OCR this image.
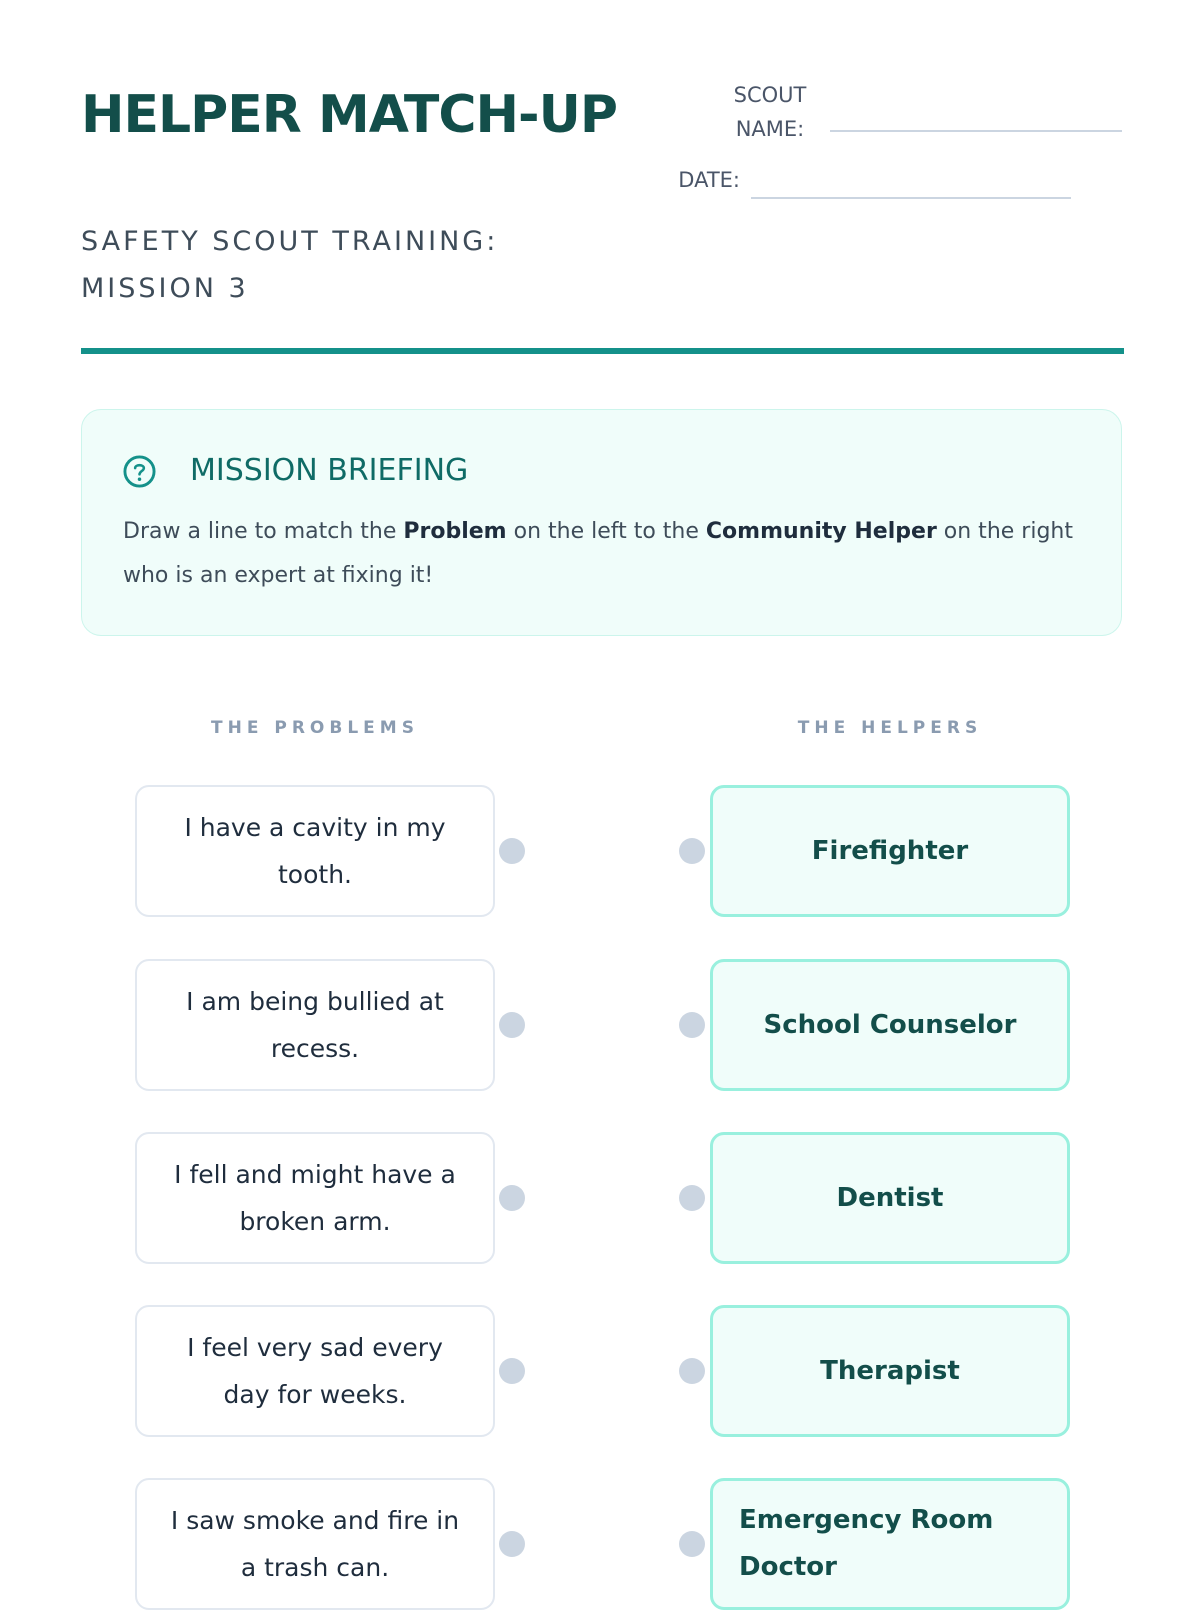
HELPER MATCH-UP
SAFETY SCOUT TRAINING: MISSION 3
SCOUT NAME:
DATE:
MISSION BRIEFING

Draw a line to match the Problem on the left to the Community Helper on the right who is an expert at fixing it!

THE PROBLEMS	THE HELPERS
I have a cavity in my tooth.
Firefighter
I am being bullied at recess.
School Counselor
I fell and might have a broken arm.
Dentist
I feel very sad every day for weeks.
Therapist
I saw smoke and fire in a trash can.
Emergency Room Doctor
